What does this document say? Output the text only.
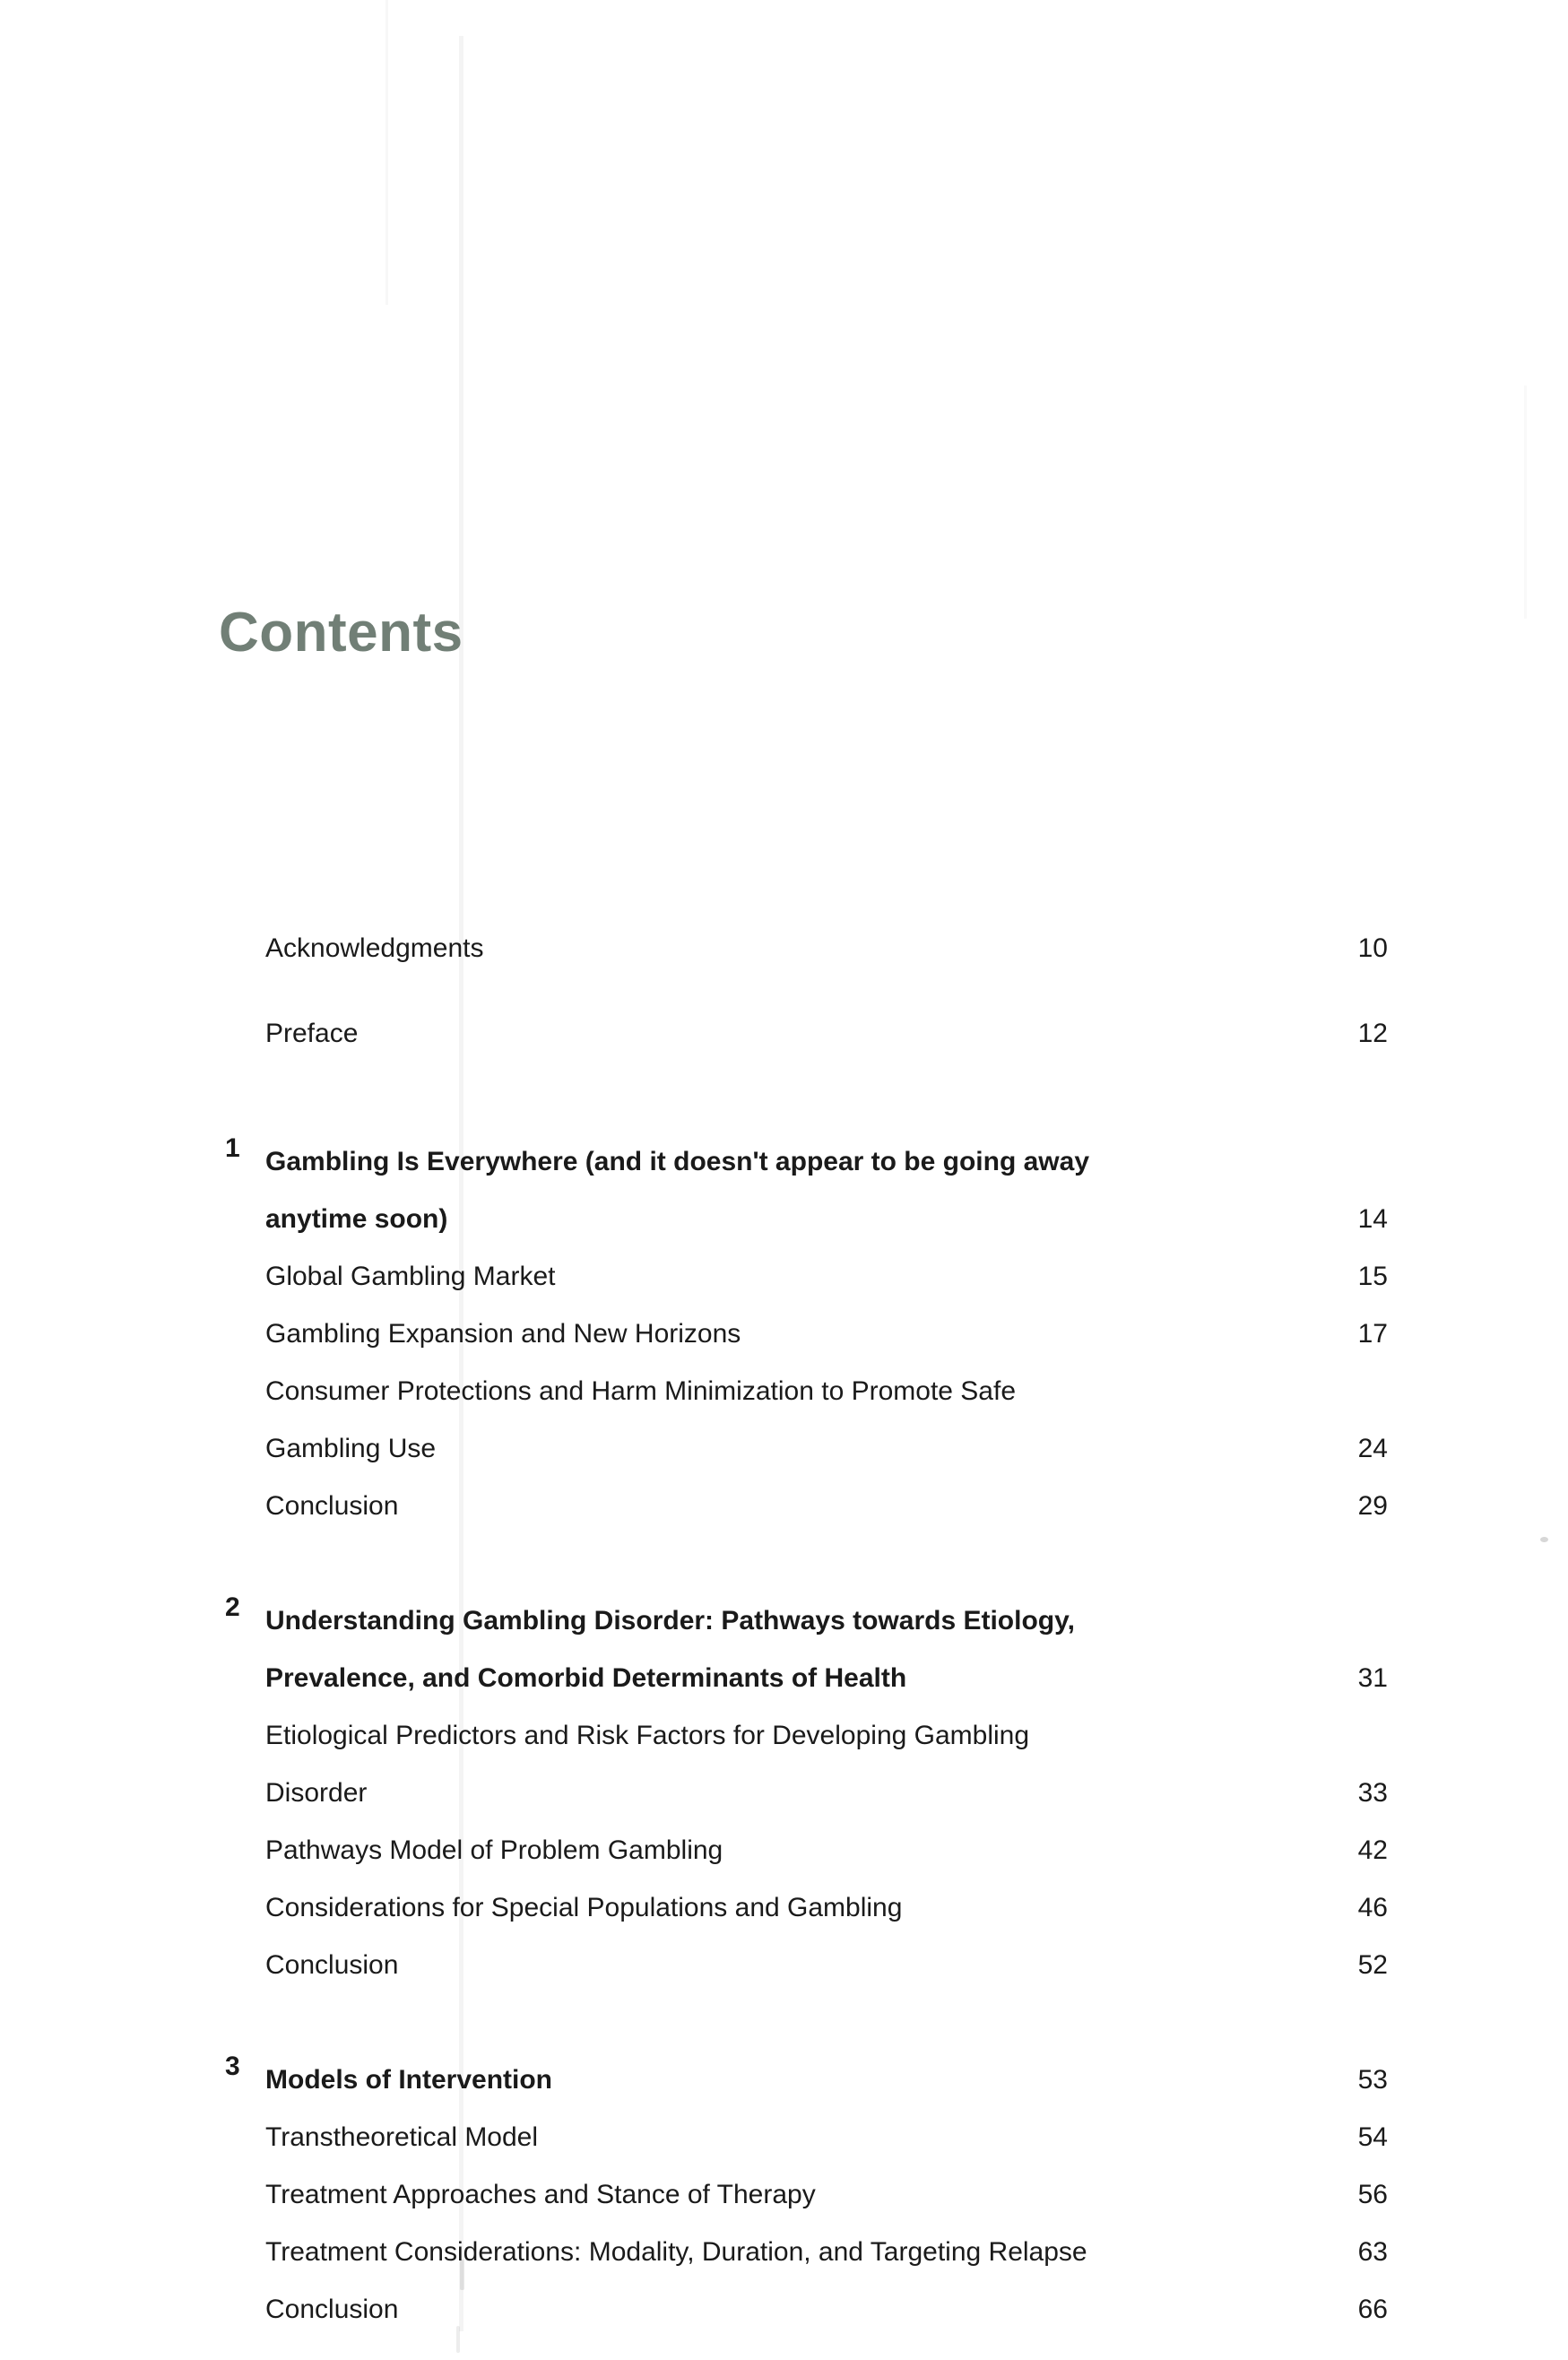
Contents
Acknowledgments	10
Preface	12
1 Gambling Is Everywhere (and it doesn't appear to be going away
anytime soon)	14
Global Gambling Market	15
Gambling Expansion and New Horizons	17
Consumer Protections and Harm Minimization to Promote Safe
Gambling Use	24
Conclusion	29
2 Understanding Gambling Disorder: Pathways towards Etiology,
Prevalence, and Comorbid Determinants of Health	31
Etiological Predictors and Risk Factors for Developing Gambling
Disorder	33
Pathways Model of Problem Gambling	42
Considerations for Special Populations and Gambling	46
Conclusion	52
3 Models of Intervention	53
Transtheoretical Model	54
Treatment Approaches and Stance of Therapy	56
Treatment Considerations: Modality, Duration, and Targeting Relapse	63
Conclusion	66
